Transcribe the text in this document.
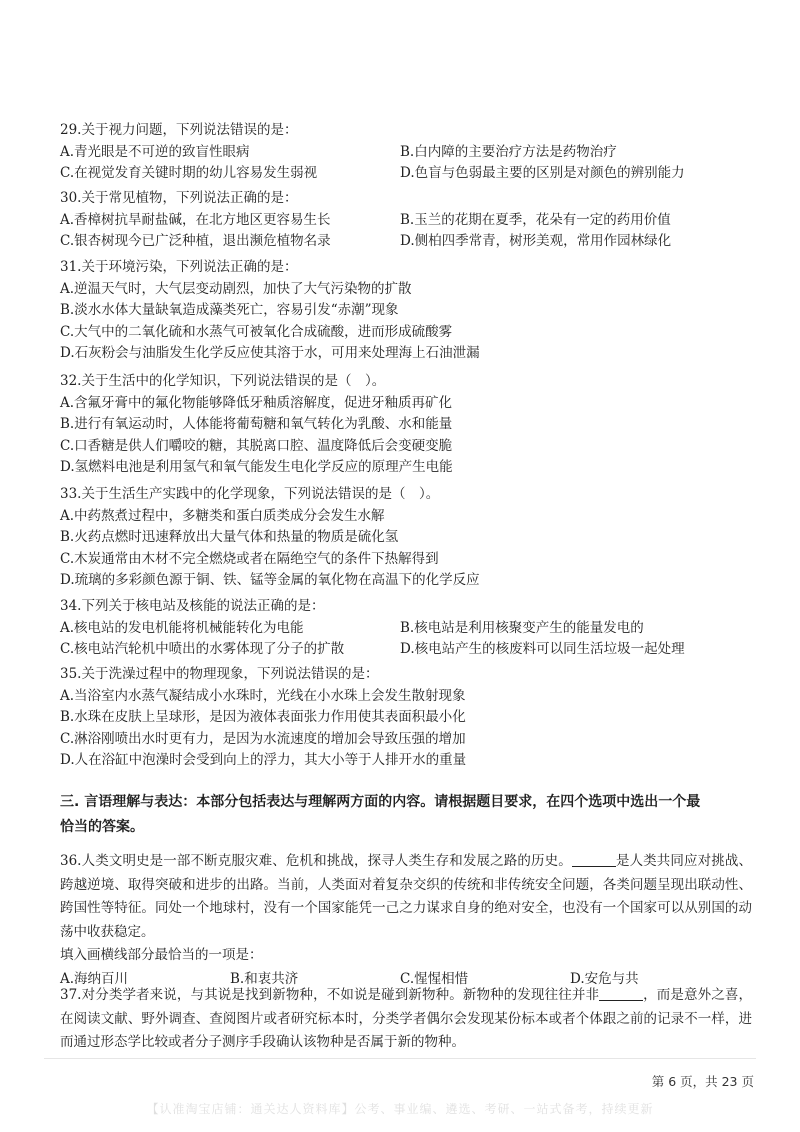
29.关于视力问题，下列说法错误的是：
A.青光眼是不可逆的致盲性眼病	B.白内障的主要治疗方法是药物治疗
C.在视觉发育关键时期的幼儿容易发生弱视	D.色盲与色弱最主要的区别是对颜色的辨别能力
30.关于常见植物，下列说法正确的是：
A.香樟树抗旱耐盐碱，在北方地区更容易生长	B.玉兰的花期在夏季，花朵有一定的药用价值
C.银杏树现今已广泛种植，退出濒危植物名录	D.侧柏四季常青，树形美观，常用作园林绿化
31.关于环境污染，下列说法正确的是：
A.逆温天气时，大气层变动剧烈，加快了大气污染物的扩散
B.淡水水体大量缺氧造成藻类死亡，容易引发“赤潮”现象
C.大气中的二氧化硫和水蒸气可被氧化合成硫酸，进而形成硫酸雾
D.石灰粉会与油脂发生化学反应使其溶于水，可用来处理海上石油泄漏
32.关于生活中的化学知识，下列说法错误的是（　）。
A.含氟牙膏中的氟化物能够降低牙釉质溶解度，促进牙釉质再矿化
B.进行有氧运动时，人体能将葡萄糖和氧气转化为乳酸、水和能量
C.口香糖是供人们嚼咬的糖，其脱离口腔、温度降低后会变硬变脆
D.氢燃料电池是利用氢气和氧气能发生电化学反应的原理产生电能
33.关于生活生产实践中的化学现象，下列说法错误的是（　）。
A.中药熬煮过程中，多糖类和蛋白质类成分会发生水解
B.火药点燃时迅速释放出大量气体和热量的物质是硫化氢
C.木炭通常由木材不完全燃烧或者在隔绝空气的条件下热解得到
D.琉璃的多彩颜色源于铜、铁、锰等金属的氧化物在高温下的化学反应
34.下列关于核电站及核能的说法正确的是：
A.核电站的发电机能将机械能转化为电能	B.核电站是利用核聚变产生的能量发电的
C.核电站汽轮机中喷出的水雾体现了分子的扩散	D.核电站产生的核废料可以同生活垃圾一起处理
35.关于洗澡过程中的物理现象，下列说法错误的是：
A.当浴室内水蒸气凝结成小水珠时，光线在小水珠上会发生散射现象
B.水珠在皮肤上呈球形，是因为液体表面张力作用使其表面积最小化
C.淋浴刚喷出水时更有力，是因为水流速度的增加会导致压强的增加
D.人在浴缸中泡澡时会受到向上的浮力，其大小等于人排开水的重量
三. 言语理解与表达：本部分包括表达与理解两方面的内容。请根据题目要求，在四个选项中选出一个最
恰当的答案。
36.人类文明史是一部不断克服灾难、危机和挑战，探寻人类生存和发展之路的历史。	是人类共同应对挑战、跨越逆境、取得突破和进步的出路。当前，人类面对着复杂交织的传统和非传统安全问题，各类问题呈现出联动性、跨国性等特征。同处一个地球村，没有一个国家能凭一己之力谋求自身的绝对安全，也没有一个国家可以从别国的动荡中收获稳定。
填入画横线部分最恰当的一项是：
A.海纳百川	B.和衷共济	C.惺惺相惜	D.安危与共
37.对分类学者来说，与其说是找到新物种，不如说是碰到新物种。新物种的发现往往并非	，而是意外之喜，在阅读文献、野外调查、查阅图片或者研究标本时，分类学者偶尔会发现某份标本或者个体跟之前的记录不一样，进而通过形态学比较或者分子测序手段确认该物种是否属于新的物种。
第 6 页，共 23 页
【认准淘宝店铺：通关达人资料库】公考、事业编、遴选、考研、一站式备考，持续更新
